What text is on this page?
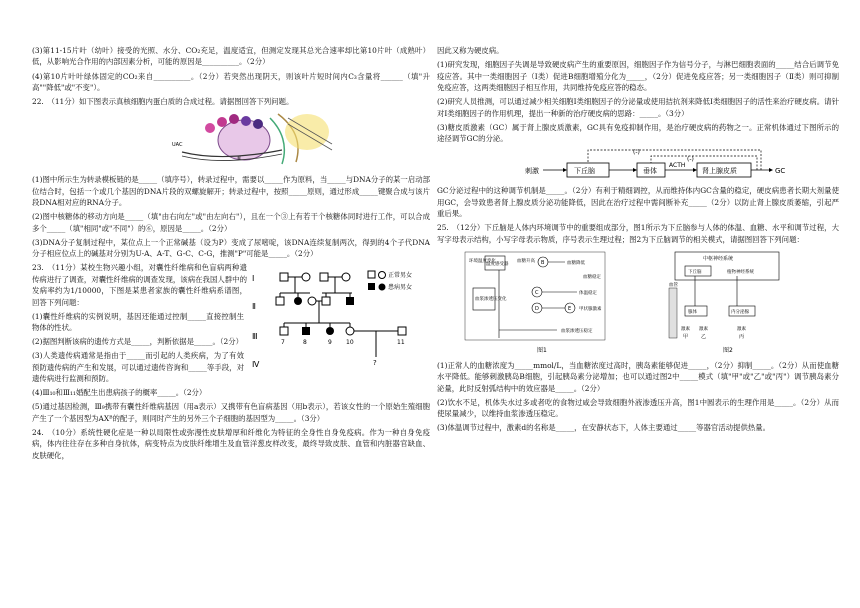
(3)第11-15片叶（幼叶）接受的光照、水分、CO₂充足，温度适宜，但测定发现其总光合速率却比第10片叶（成熟叶）低，从影响光合作用的内部因素分析，可能的原因是__________。（2分）

(4)第10片叶叶绿体固定的CO₂来自__________。（2分）若突然出现阴天，则该叶片短时间内C₃含量将______（填"升高""降低"或"不变"）。

22.　（11分）如下图表示真核细胞内蛋白质的合成过程。请据图回答下列问题。

UAC
⑥

(1)图中所示生为转录模板链的是_____（填序号），转录过程中，需要以_____作为原料，当_____与DNA分子的某一启动部位结合时，包括一个或几个基因的DNA片段的双螺旋解开；转录过程中，按照_____原则，通过形成_____键聚合成与该片段DNA相对应的RNA分子。

(2)图中核糖体的移动方向是_____（填"由右向左"或"由左向右"），且在一个③上有若干个核糖体同时进行工作，可以合成多个_____（填"相同"或"不同"）的⑥，原因是_____。（2分）

(3)DNA分子复制过程中，某位点上一个正常碱基（设为P）变成了尿嘧啶，该DNA连续复制两次，得到的4个子代DNA分子相应位点上的碱基对分别为U-A、A-T、G-C、C-G，推测"P"可能是_____。（2分）

23.　（11分）某校生物兴趣小组，对囊性纤维病和色盲病两种遗传病进行了调查，对囊性纤维病的调查发现，该病在我国人群中的发病率约为1/10000，下图是某患者家族的囊性纤维病系谱图，回答下列问题：

(1)囊性纤维病的实例说明，基因还能通过控制_____直接控制生物体的性状。

(2)据图判断该病的遗传方式是_____，判断依据是_____。（2分）

(3)人类遗传病通常是指由于_____而引起的人类疾病，为了有效预防遗传病的产生和发展，可以通过遗传咨询和_____等手段，对遗传病进行监测和预防。

Ⅰ
Ⅱ
Ⅲ
Ⅳ
7	8	9 10	11
?
正常男女
患病男女

(4)Ⅲ₁₀和Ⅲ₁₁婚配生出患病孩子的概率_____。（2分）

(5)通过基因检测，Ⅲ₉携带有囊性纤维病基因（用a表示）又携带有色盲病基因（用b表示），若该女性的一个原始生殖细胞产生了一个基因型为AXᴮ的配子，则同时产生的另外三个子细胞的基因型为_____。（3分）

24.　（10分）系统性硬化症是一种以局限性或弥漫性皮肤增厚和纤维化为特征的全身性自身免疫病。作为一种自身免疫病，体内往往存在多种自身抗体，病变特点为皮肤纤维增生及血管洋葱皮样改变，最终导致皮肤、血管和内脏器官缺血、皮肤硬化，

因此又称为硬皮病。

(1)研究发现，细胞因子失调是导致硬皮病产生的重要原因，细胞因子作为信号分子，与淋巴细胞表面的_____结合后调节免疫应答。其中一类细胞因子（Ⅰ类）促进B细胞增殖分化为_____，（2分）促进免疫应答；另一类细胞因子（Ⅱ类）则可抑制免疫应答，这两类细胞因子相互作用，共同维持免疫应答的稳态。

(2)研究人员推测，可以通过减少相关细胞Ⅰ类细胞因子的分泌量或使用拮抗剂来降低Ⅰ类细胞因子的活性来治疗硬皮病。请针对Ⅰ类细胞因子的作用机理，提出一种新的治疗硬皮病的思路：_____。（3分）

(3)糖皮质激素（GC）属于肾上腺皮质激素，GC具有免疫抑制作用，是治疗硬皮病的药物之一。正常机体通过下图所示的途径调节GC的分泌。

刺激	下丘脑	垂体
ACTH
肾上腺皮质	GC
(-)
(-)

GC分泌过程中的这种调节机制是_____。（2分）有利于精细调控，从而维持体内GC含量的稳定，硬皮病患者长期大剂量使用GC，会导致患者肾上腺皮质分泌功能降低，因此在治疗过程中需间断补充_____（2分）以防止肾上腺皮质萎缩，引起严重后果。

25.　（12分）下丘脑是人体内环境调节中的重要组成部分，图1所示为下丘脑参与人体的体温、血糖、水平和调节过程，大写字母表示结构，小写字母表示物质，序号表示生理过程；图2为下丘脑调节的相关模式，请据图回答下列问题：

环境温度变化
温度感受器
血糖升高 B	血糖降低
血糖稳定
血浆渗透压变化
C	体温稳定
D	E 甲状腺激素
血浆渗透压稳定
图1
中枢神经系统
下丘脑	植物神经系统
腺体	内分泌腺
激素 激素	激素
甲	乙	丙
血管
图2

(1)正常人的血糖浓度为_____mmol/L，当血糖浓度过高时，胰岛素能够促进_____，（2分）抑制_____。（2分）从而使血糖水平降低。能够刺激胰岛B细胞，引起胰岛素分泌增加；也可以通过图2中_____模式（填"甲"或"乙"或"丙"）调节胰岛素分泌量，此时反射弧结构中的效应器是_____。（2分）

(2)饮水不足，机体失水过多或者吃的食物过咸会导致细胞外液渗透压升高，图1中圆表示的生理作用是_____。（2分）从而使尿量减少，以维持血浆渗透压稳定。

(3)体温调节过程中，激素d的名称是_____，在安静状态下，人体主要通过_____等器官活动提供热量。
